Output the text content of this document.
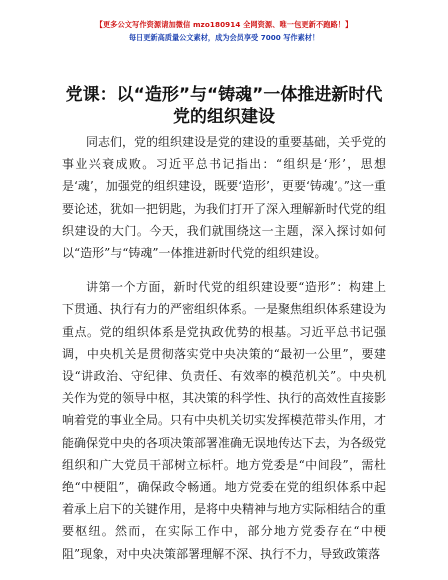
【更多公文写作资源请加微信 mzo180914 全网资源、唯一包更新不跑路！】
每日更新高质量公文素材，成为会员享受 7000 写作素材！
党课：以“造形”与“铸魂”一体推进新时代
党的组织建设

同志们，党的组织建设是党的建设的重要基础，关乎党的事业兴衰成败。习近平总书记指出：“组织是‘形’，思想是‘魂’，加强党的组织建设，既要‘造形’，更要‘铸魂’。”这一重要论述，犹如一把钥匙，为我们打开了深入理解新时代党的组织建设的大门。今天，我们就围绕这一主题，深入探讨如何以“造形”与“铸魂”一体推进新时代党的组织建设。

讲第一个方面，新时代党的组织建设要“造形”：构建上下贯通、执行有力的严密组织体系。一是聚焦组织体系建设为重点。党的组织体系是党执政优势的根基。习近平总书记强调，中央机关是贯彻落实党中央决策的“最初一公里”，要建设“讲政治、守纪律、负责任、有效率的模范机关”。中央机关作为党的领导中枢，其决策的科学性、执行的高效性直接影响着党的事业全局。只有中央机关切实发挥模范带头作用，才能确保党中央的各项决策部署准确无误地传达下去，为各级党组织和广大党员干部树立标杆。地方党委是“中间段”，需杜绝“中梗阻”，确保政令畅通。地方党委在党的组织体系中起着承上启下的关键作用，是将中央精神与地方实际相结合的重要枢纽。然而，在实际工作中，部分地方党委存在“中梗阻”现象，对中央决策部署理解不深、执行不力，导致政策落
